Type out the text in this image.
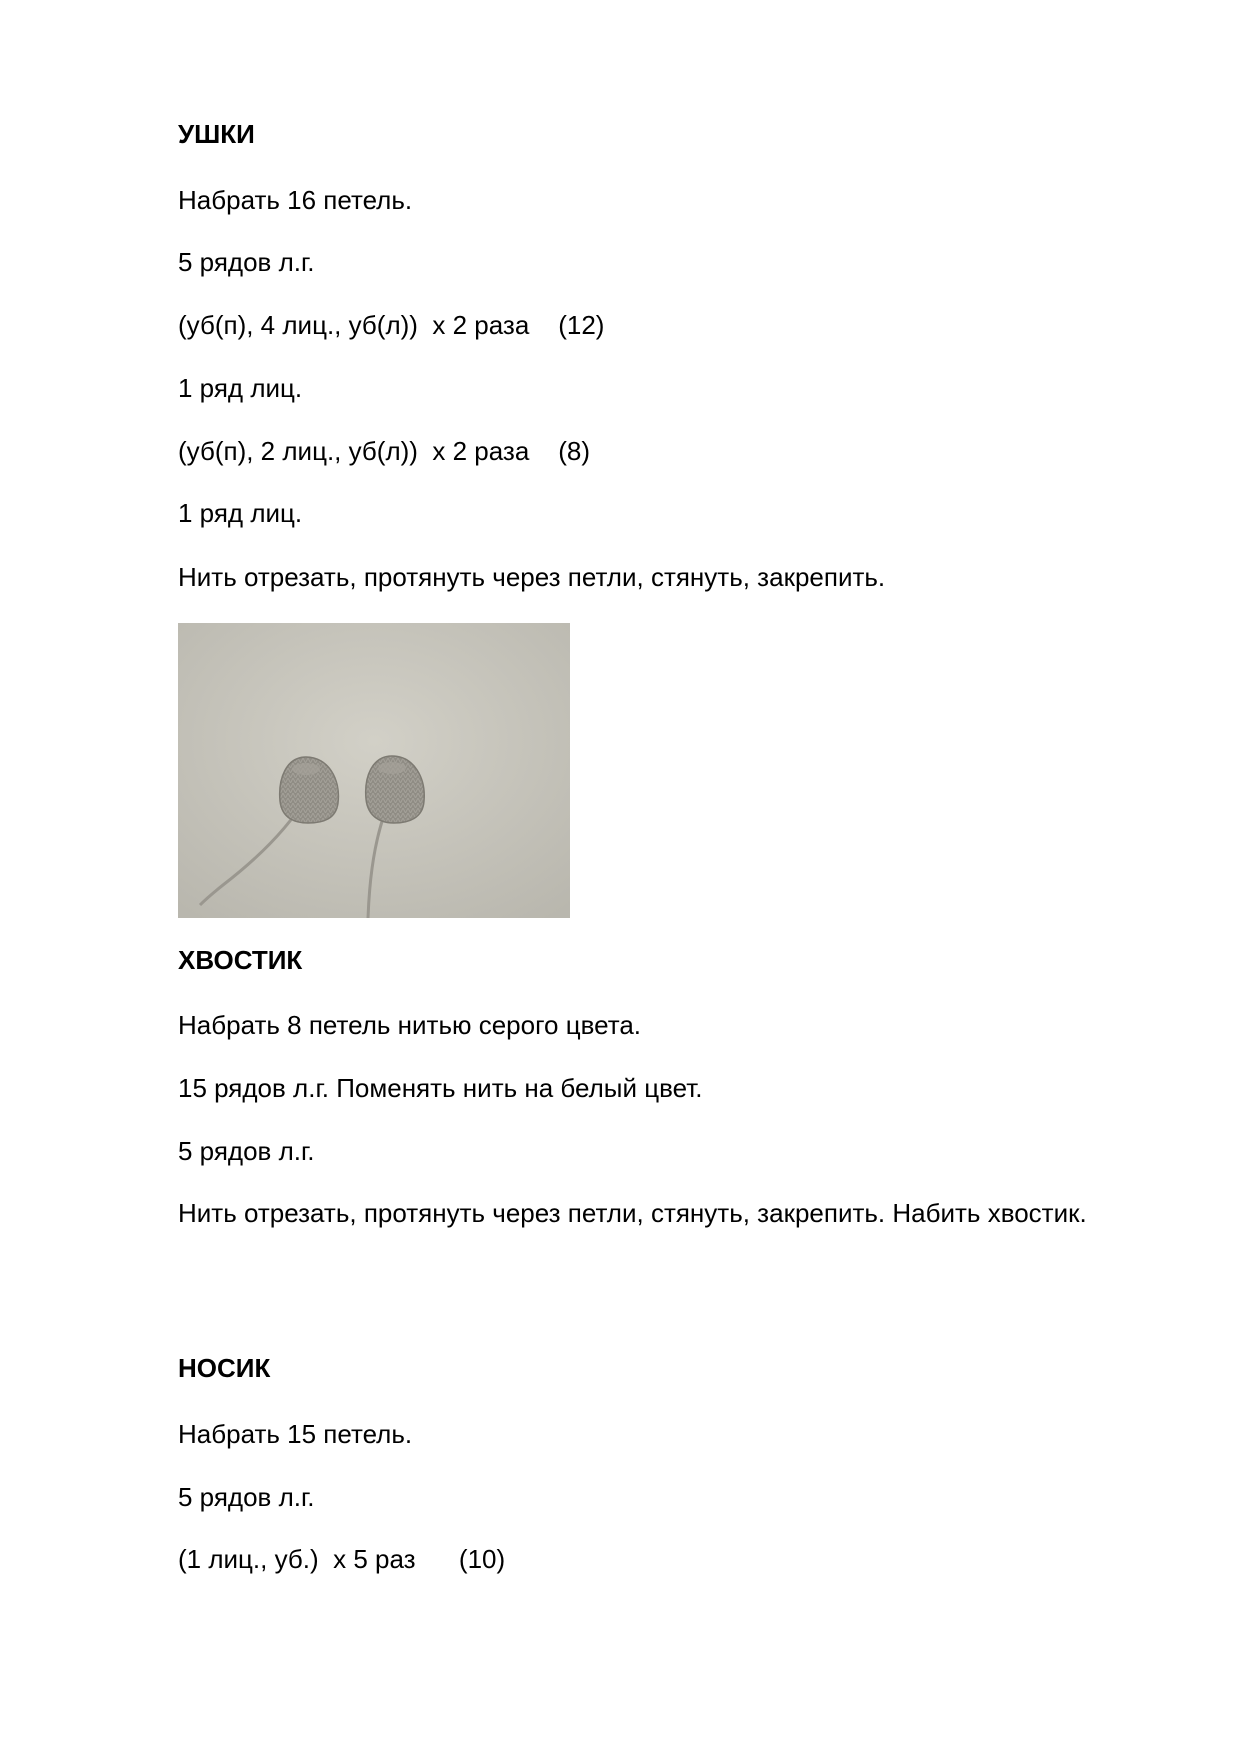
УШКИ

Набрать 16 петель.

5 рядов л.г.

(уб(п), 4 лиц., уб(л))  х 2 раза    (12)

1 ряд лиц.

(уб(п), 2 лиц., уб(л))  х 2 раза    (8)

1 ряд лиц.

Нить отрезать, протянуть через петли, стянуть, закрепить.

ХВОСТИК

Набрать 8 петель нитью серого цвета.

15 рядов л.г. Поменять нить на белый цвет.

5 рядов л.г.

Нить отрезать, протянуть через петли, стянуть, закрепить. Набить хвостик.

НОСИК

Набрать 15 петель.

5 рядов л.г.

(1 лиц., уб.)  х 5 раз      (10)
